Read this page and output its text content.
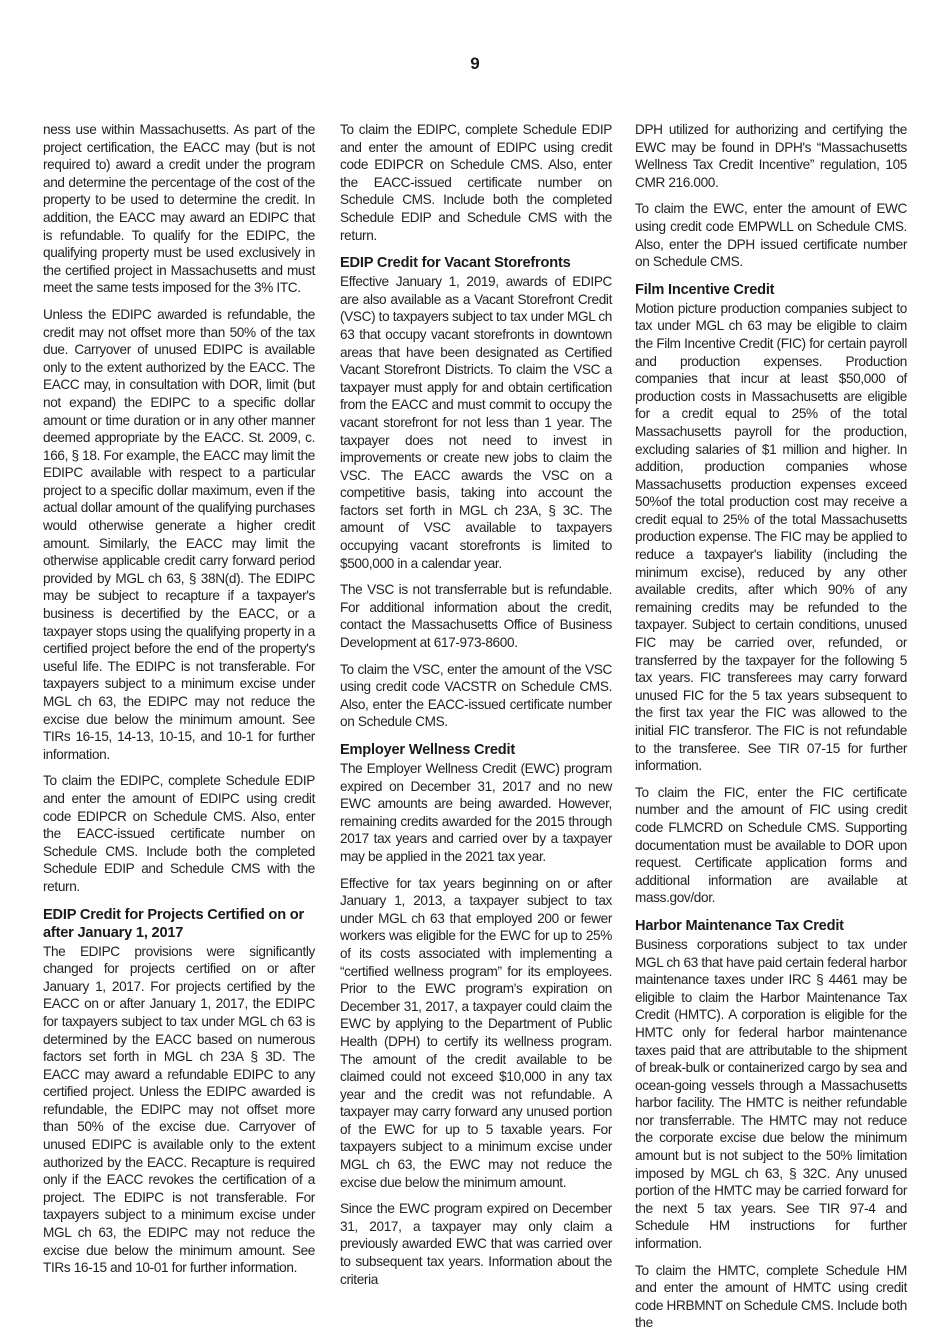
9

ness use within Massachusetts. As part of the project certification, the EACC may (but is not required to) award a credit under the program and determine the percentage of the cost of the property to be used to determine the credit. In addition, the EACC may award an EDIPC that is refundable. To qualify for the EDIPC, the qualifying property must be used exclusively in the certified project in Massachusetts and must meet the same tests imposed for the 3% ITC.

Unless the EDIPC awarded is refundable, the credit may not offset more than 50% of the tax due. Carryover of unused EDIPC is available only to the extent authorized by the EACC. The EACC may, in consultation with DOR, limit (but not expand) the EDIPC to a specific dollar amount or time duration or in any other manner deemed appropriate by the EACC. St. 2009, c. 166, § 18. For example, the EACC may limit the EDIPC available with respect to a particular project to a specific dollar maximum, even if the actual dollar amount of the qualifying purchases would otherwise generate a higher credit amount. Similarly, the EACC may limit the otherwise applicable credit carry forward period provided by MGL ch 63, § 38N(d). The EDIPC may be subject to recapture if a taxpayer's business is decertified by the EACC, or a taxpayer stops using the qualifying property in a certified project before the end of the property's useful life. The EDIPC is not transferable. For taxpayers subject to a minimum excise under MGL ch 63, the EDIPC may not reduce the excise due below the minimum amount. See TIRs 16-15, 14-13, 10-15, and 10-1 for further information.

To claim the EDIPC, complete Schedule EDIP and enter the amount of EDIPC using credit code EDIPCR on Schedule CMS. Also, enter the EACC-issued certificate number on Schedule CMS. Include both the completed Schedule EDIP and Schedule CMS with the return.

EDIP Credit for Projects Certified on or after January 1, 2017

The EDIPC provisions were significantly changed for projects certified on or after January 1, 2017. For projects certified by the EACC on or after January 1, 2017, the EDIPC for taxpayers subject to tax under MGL ch 63 is determined by the EACC based on numerous factors set forth in MGL ch 23A § 3D. The EACC may award a refundable EDIPC to any certified project. Unless the EDIPC awarded is refundable, the EDIPC may not offset more than 50% of the excise due. Carryover of unused EDIPC is available only to the extent authorized by the EACC. Recapture is required only if the EACC revokes the certification of a project. The EDIPC is not transferable. For taxpayers subject to a minimum excise under MGL ch 63, the EDIPC may not reduce the excise due below the minimum amount. See TIRs 16-15 and 10-01 for further information.

To claim the EDIPC, complete Schedule EDIP and enter the amount of EDIPC using credit code EDIPCR on Schedule CMS. Also, enter the EACC-issued certificate number on Schedule CMS. Include both the completed Schedule EDIP and Schedule CMS with the return.

EDIP Credit for Vacant Storefronts

Effective January 1, 2019, awards of EDIPC are also available as a Vacant Storefront Credit (VSC) to taxpayers subject to tax under MGL ch 63 that occupy vacant storefronts in downtown areas that have been designated as Certified Vacant Storefront Districts. To claim the VSC a taxpayer must apply for and obtain certification from the EACC and must commit to occupy the vacant storefront for not less than 1 year. The taxpayer does not need to invest in improvements or create new jobs to claim the VSC. The EACC awards the VSC on a competitive basis, taking into account the factors set forth in MGL ch 23A, § 3C. The amount of VSC available to taxpayers occupying vacant storefronts is limited to $500,000 in a calendar year.

The VSC is not transferrable but is refundable. For additional information about the credit, contact the Massachusetts Office of Business Development at 617-973-8600.

To claim the VSC, enter the amount of the VSC using credit code VACSTR on Schedule CMS. Also, enter the EACC-issued certificate number on Schedule CMS.

Employer Wellness Credit

The Employer Wellness Credit (EWC) program expired on December 31, 2017 and no new EWC amounts are being awarded. However, remaining credits awarded for the 2015 through 2017 tax years and carried over by a taxpayer may be applied in the 2021 tax year.

Effective for tax years beginning on or after January 1, 2013, a taxpayer subject to tax under MGL ch 63 that employed 200 or fewer workers was eligible for the EWC for up to 25% of its costs associated with implementing a “certified wellness program” for its employees. Prior to the EWC program's expiration on December 31, 2017, a taxpayer could claim the EWC by applying to the Department of Public Health (DPH) to certify its wellness program. The amount of the credit available to be claimed could not exceed $10,000 in any tax year and the credit was not refundable. A taxpayer may carry forward any unused portion of the EWC for up to 5 taxable years. For taxpayers subject to a minimum excise under MGL ch 63, the EWC may not reduce the excise due below the minimum amount.

Since the EWC program expired on December 31, 2017, a taxpayer may only claim a previously awarded EWC that was carried over to subsequent tax years. Information about the criteria

DPH utilized for authorizing and certifying the EWC may be found in DPH's “Massachusetts Wellness Tax Credit Incentive” regulation, 105 CMR 216.000.

To claim the EWC, enter the amount of EWC using credit code EMPWLL on Schedule CMS. Also, enter the DPH issued certificate number on Schedule CMS.

Film Incentive Credit

Motion picture production companies subject to tax under MGL ch 63 may be eligible to claim the Film Incentive Credit (FIC) for certain payroll and production expenses. Production companies that incur at least $50,000 of production costs in Massachusetts are eligible for a credit equal to 25% of the total Massachusetts payroll for the production, excluding salaries of $1 million and higher. In addition, production companies whose Massachusetts production expenses exceed 50%of the total production cost may receive a credit equal to 25% of the total Massachusetts production expense. The FIC may be applied to reduce a taxpayer's liability (including the minimum excise), reduced by any other available credits, after which 90% of any remaining credits may be refunded to the taxpayer. Subject to certain conditions, unused FIC may be carried over, refunded, or transferred by the taxpayer for the following 5 tax years. FIC transferees may carry forward unused FIC for the 5 tax years subsequent to the first tax year the FIC was allowed to the initial FIC transferor. The FIC is not refundable to the transferee. See TIR 07-15 for further information.

To claim the FIC, enter the FIC certificate number and the amount of FIC using credit code FLMCRD on Schedule CMS. Supporting documentation must be available to DOR upon request. Certificate application forms and additional information are available at mass.gov/dor.

Harbor Maintenance Tax Credit

Business corporations subject to tax under MGL ch 63 that have paid certain federal harbor maintenance taxes under IRC § 4461 may be eligible to claim the Harbor Maintenance Tax Credit (HMTC). A corporation is eligible for the HMTC only for federal harbor maintenance taxes paid that are attributable to the shipment of break-bulk or containerized cargo by sea and ocean-going vessels through a Massachusetts harbor facility. The HMTC is neither refundable nor transferrable. The HMTC may not reduce the corporate excise due below the minimum amount but is not subject to the 50% limitation imposed by MGL ch 63, § 32C. Any unused portion of the HMTC may be carried forward for the next 5 tax years. See TIR 97-4 and Schedule HM instructions for further information.

To claim the HMTC, complete Schedule HM and enter the amount of HMTC using credit code HRBMNT on Schedule CMS. Include both the
